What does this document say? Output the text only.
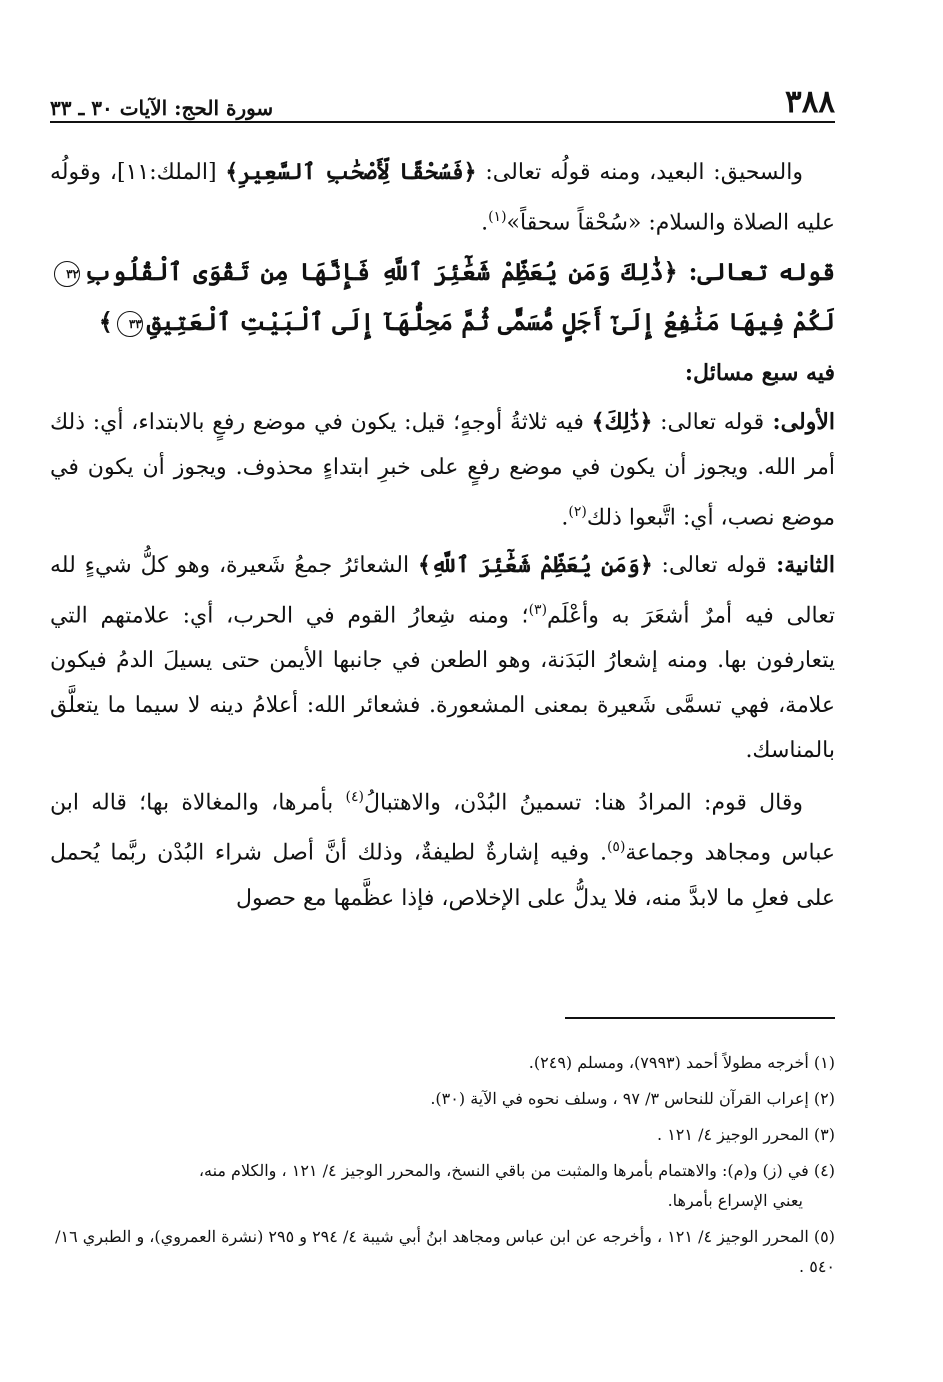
٣٨٨
سورة الحج: الآيات ٣٠ ـ ٣٣

والسحيق: البعيد، ومنه قولُه تعالى: ﴿فَسُحْقًا لِّأَصْحَٰبِ ٱلسَّعِيرِ﴾ [الملك:١١]، وقولُه عليه الصلاة والسلام: «سُحْقاً سحقاً»$^{(١)}$.

قوله تعالى: ﴿ذَٰلِكَ وَمَن يُعَظِّمْ شَعَٰٓئِرَ ٱللَّهِ فَإِنَّهَا مِن تَقْوَى ٱلْقُلُوبِ٣٢لَكُمْ فِيهَا مَنَٰفِعُ إِلَىٰٓ أَجَلٍ مُّسَمًّى ثُمَّ مَحِلُّهَآ إِلَى ٱلْبَيْتِ ٱلْعَتِيقِ٣٣﴾

فيه سبع مسائل:

الأولى: قوله تعالى: ﴿ذَٰلِكَ﴾ فيه ثلاثةُ أوجهٍ؛ قيل: يكون في موضع رفعٍ بالابتداء، أي: ذلك أمر الله. ويجوز أن يكون في موضع رفعٍ على خبرِ ابتداءٍ محذوف. ويجوز أن يكون في موضع نصب، أي: اتَّبعوا ذلك$^{(٢)}$.

الثانية: قوله تعالى: ﴿وَمَن يُعَظِّمْ شَعَٰٓئِرَ ٱللَّهِ﴾ الشعائرُ جمعُ شَعيرة، وهو كلُّ شيءٍ لله تعالى فيه أمرٌ أشعَرَ به وأعْلَم$^{(٣)}$؛ ومنه شِعارُ القوم في الحرب، أي: علامتهم التي يتعارفون بها. ومنه إشعارُ البَدَنة، وهو الطعن في جانبها الأيمن حتى يسيلَ الدمُ فيكون علامة، فهي تسمَّى شَعيرة بمعنى المشعورة. فشعائر الله: أعلامُ دينه لا سيما ما يتعلَّق بالمناسك.

وقال قوم: المرادُ هنا: تسمينُ البُدْن، والاهتبالُ$^{(٤)}$ بأمرها، والمغالاة بها؛ قاله ابن عباس ومجاهد وجماعة$^{(٥)}$. وفيه إشارةٌ لطيفةٌ، وذلك أنَّ أصل شراء البُدْن ربَّما يُحمل على فعلِ ما لابدَّ منه، فلا يدلُّ على الإخلاص، فإذا عظَّمها مع حصول

(١) أخرجه مطولاً أحمد (٧٩٩٣)، ومسلم (٢٤٩).

(٢) إعراب القرآن للنحاس ٣/ ٩٧ ، وسلف نحوه في الآية (٣٠).

(٣) المحرر الوجيز ٤/ ١٢١ .

(٤) في (ز) و(م): والاهتمام بأمرها والمثبت من باقي النسخ، والمحرر الوجيز ٤/ ١٢١ ، والكلام منه،
يعني الإسراع بأمرها.

(٥) المحرر الوجيز ٤/ ١٢١ ، وأخرجه عن ابن عباس ومجاهد ابنُ أبي شيبة ٤/ ٢٩٤ و ٢٩٥ (نشرة العمروي)، و الطبري ١٦/ ٥٤٠ .
